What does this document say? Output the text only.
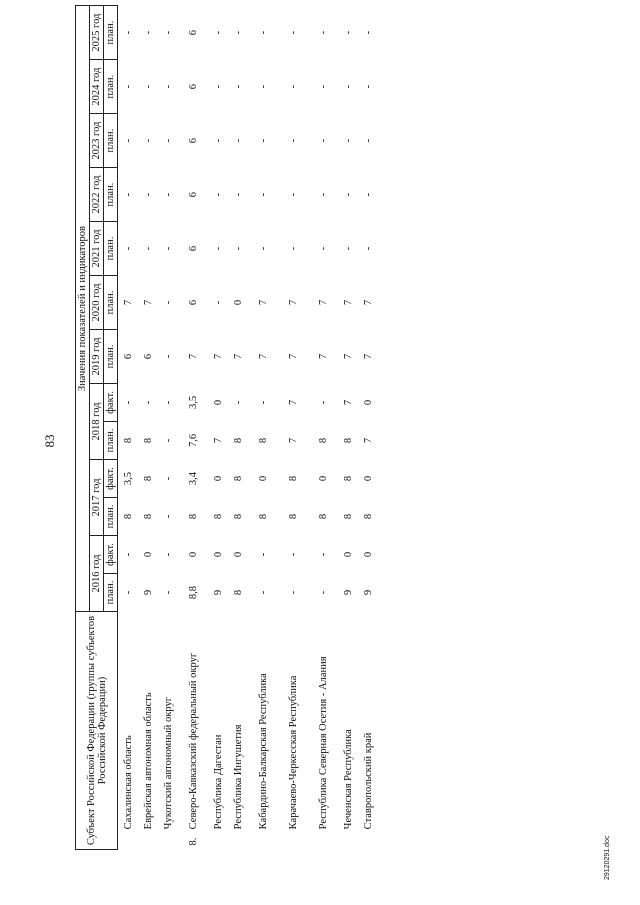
83
Субъект Российской Федерации (группы субъектов Российской Федерации)		Значения показателей и индикаторов												
		2016 год		2017 год		2018 год		2019 год	2020 год	2021 год	2022 год	2023 год	2024 год	2025 год
		план.	факт.	план.	факт.	план.	факт.	план.	план.	план.	план.	план.	план.	план.
	Сахалинская область	-	-	8	3,5	8	-	6	7	-	-	-	-	-
	Еврейская автономная область	9	0	8	8	8	-	6	7	-	-	-	-	-
	Чукотский автономный округ	-	-	-	-	-	-	-	-	-	-	-	-	-
8.	Северо-Кавказский федеральный округ	8,8	0	8	3,4	7,6	3,5	7	6	6	6	6	6	6
	Республика Дагестан	9	0	8	0	7	0	7	-	-	-	-	-	-
	Республика Ингушетия	8	0	8	8	8	-	7	0	-	-	-	-	-
	Кабардино-Балкарская Республика	-	-	8	0	8	-	7	7	-	-	-	-	-
	Карачаево-Черкесская Республика	-	-	8	8	7	7	7	7	-	-	-	-	-
	Республика Северная Осетия - Алания	-	-	8	0	8	-	7	7	-	-	-	-	-
	Чеченская Республика	9	0	8	8	8	7	7	7	-	-	-	-	-
	Ставропольский край	9	0	8	0	7	0	7	7	-	-	-	-	-
29120291.doc
